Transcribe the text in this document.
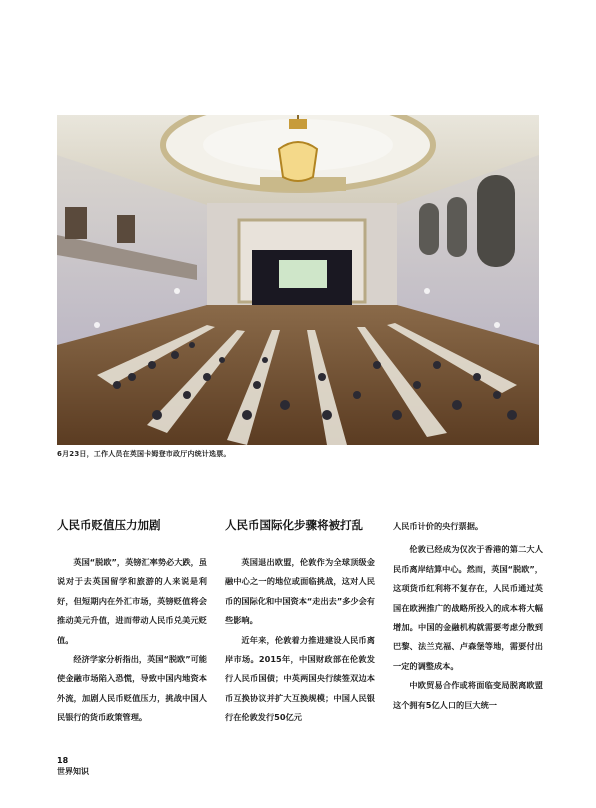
6月23日，工作人员在英国卡姆登市政厅内统计选票。
人民币贬值压力加剧

英国“脱欧”，英镑汇率势必大跌，虽说对于去英国留学和旅游的人来说是利好，但短期内在外汇市场，英镑贬值将会推动美元升值，进而带动人民币兑美元贬值。

经济学家分析指出，英国“脱欧”可能使金融市场陷入恐慌，导致中国内地资本外流，加剧人民币贬值压力，挑战中国人民银行的货币政策管理。

人民币国际化步骤将被打乱

英国退出欧盟，伦敦作为全球顶级金融中心之一的地位或面临挑战，这对人民币的国际化和中国资本“走出去”多少会有些影响。

近年来，伦敦着力推进建设人民币离岸市场。2015年，中国财政部在伦敦发行人民币国债；中英两国央行续签双边本币互换协议并扩大互换规模；中国人民银行在伦敦发行50亿元

人民币计价的央行票据。

伦敦已经成为仅次于香港的第二大人民币离岸结算中心。然而，英国“脱欧”，这项货币红利将不复存在，人民币通过英国在欧洲推广的战略所投入的成本将大幅增加。中国的金融机构就需要考虑分散到巴黎、法兰克福、卢森堡等地，需要付出一定的调整成本。

中欧贸易合作或将面临变局脱离欧盟这个拥有5亿人口的巨大统一

18
世界知识
